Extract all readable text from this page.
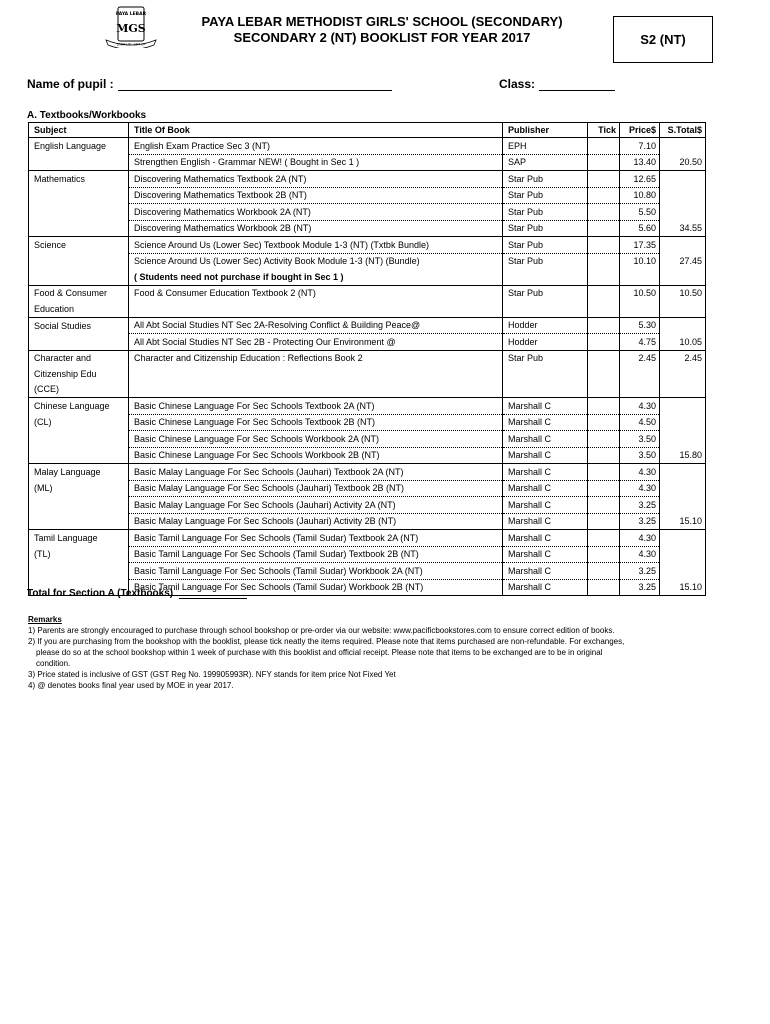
PAYA LEBAR
MGS
LOOK UP · LIFT UP
PAYA LEBAR METHODIST GIRLS' SCHOOL (SECONDARY)
SECONDARY 2 (NT) BOOKLIST FOR YEAR 2017	S2 (NT)
Name of pupil :	Class:
A. Textbooks/Workbooks
Subject	Title Of Book	Publisher	Tick	Price$	S.Total$
English Language	English Exam Practice Sec 3 (NT)	EPH		7.10	
	Strengthen English - Grammar NEW! ( Bought in Sec 1 )	SAP		13.40	20.50
Mathematics	Discovering Mathematics Textbook 2A (NT)	Star Pub		12.65	
	Discovering Mathematics Textbook 2B (NT)	Star Pub		10.80	
	Discovering Mathematics Workbook 2A (NT)	Star Pub		5.50	
	Discovering Mathematics Workbook 2B (NT)	Star Pub		5.60	34.55
Science	Science Around Us (Lower Sec) Textbook Module 1-3 (NT) (Txtbk Bundle)	Star Pub		17.35	
	Science Around Us (Lower Sec) Activity Book Module 1-3 (NT) (Bundle)	Star Pub		10.10	27.45
	( Students need not purchase if bought in Sec 1 )				
Food & Consumer	Food & Consumer Education Textbook 2 (NT)	Star Pub		10.50	10.50
Education					
Social Studies	All Abt Social Studies NT Sec 2A-Resolving Conflict & Building Peace@	Hodder		5.30	
	All Abt Social Studies NT Sec 2B - Protecting Our Environment @	Hodder		4.75	10.05
Character and	Character and Citizenship Education : Reflections Book 2	Star Pub		2.45	2.45
Citizenship Edu					
(CCE)					
Chinese Language	Basic Chinese Language For Sec Schools Textbook 2A (NT)	Marshall C		4.30	
(CL)	Basic Chinese Language For Sec Schools Textbook 2B (NT)	Marshall C		4.50	
	Basic Chinese Language For Sec Schools Workbook 2A (NT)	Marshall C		3.50	
	Basic Chinese Language For Sec Schools Workbook 2B (NT)	Marshall C		3.50	15.80
Malay Language	Basic Malay Language For Sec Schools (Jauhari) Textbook 2A (NT)	Marshall C		4.30	
(ML)	Basic Malay Language For Sec Schools (Jauhari) Textbook 2B (NT)	Marshall C		4.30	
	Basic Malay Language For Sec Schools (Jauhari) Activity 2A (NT)	Marshall C		3.25	
	Basic Malay Language For Sec Schools (Jauhari) Activity 2B (NT)	Marshall C		3.25	15.10
Tamil Language	Basic Tamil Language For Sec Schools (Tamil Sudar) Textbook 2A (NT)	Marshall C		4.30	
(TL)	Basic Tamil Language For Sec Schools (Tamil Sudar) Textbook 2B (NT)	Marshall C		4.30	
	Basic Tamil Language For Sec Schools (Tamil Sudar) Workbook 2A (NT)	Marshall C		3.25	
	Basic Tamil Language For Sec Schools (Tamil Sudar) Workbook 2B (NT)	Marshall C		3.25	15.10
Total for Section A (Textbooks)
Remarks
1) Parents are strongly encouraged to purchase through school bookshop or pre-order via our website: www.pacificbookstores.com to ensure correct edition of books.
2) If you are purchasing from the bookshop with the booklist, please tick neatly the items required. Please note that items purchased are non-refundable. For exchanges,
please do so at the school bookshop within 1 week of purchase with this booklist and official receipt. Please note that items to be exchanged are to be in original
condition.
3) Price stated is inclusive of GST (GST Reg No. 199905993R). NFY stands for item price Not Fixed Yet
4) @ denotes books final year used by MOE in year 2017.
